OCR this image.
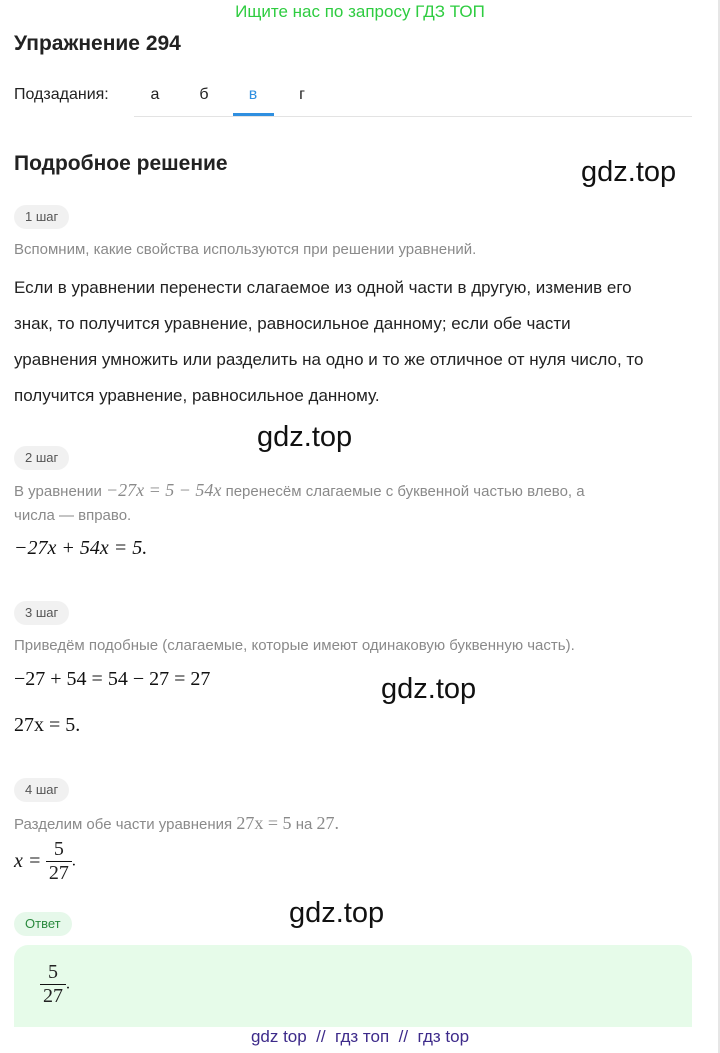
Ищите нас по запросу ГДЗ ТОП
Упражнение 294
Подзадания:	а	б	в	г
Подробное решение	gdz.top
gdz.top
gdz.top
gdz.top
1 шаг
Вспомним, какие свойства используются при решении уравнений.
Если в уравнении перенести слагаемое из одной части в другую, изменив его
знак, то получится уравнение, равносильное данному; если обе части
уравнения умножить или разделить на одно и то же отличное от нуля число, то
получится уравнение, равносильное данному.
2 шаг
В уравнении −27x = 5 − 54x перенесём слагаемые с буквенной частью влево, а
числа — вправо.
−27x + 54x = 5.
3 шаг
Приведём подобные (слагаемые, которые имеют одинаковую буквенную часть).
−27 + 54 = 54 − 27 = 27
27x = 5.
4 шаг
Разделим обе части уравнения 27x = 5 на 27.
$x = \frac{5}{27}$ .
Ответ
$\frac{5}{27}$ .
gdz top  //  гдз топ  //  гдз top
